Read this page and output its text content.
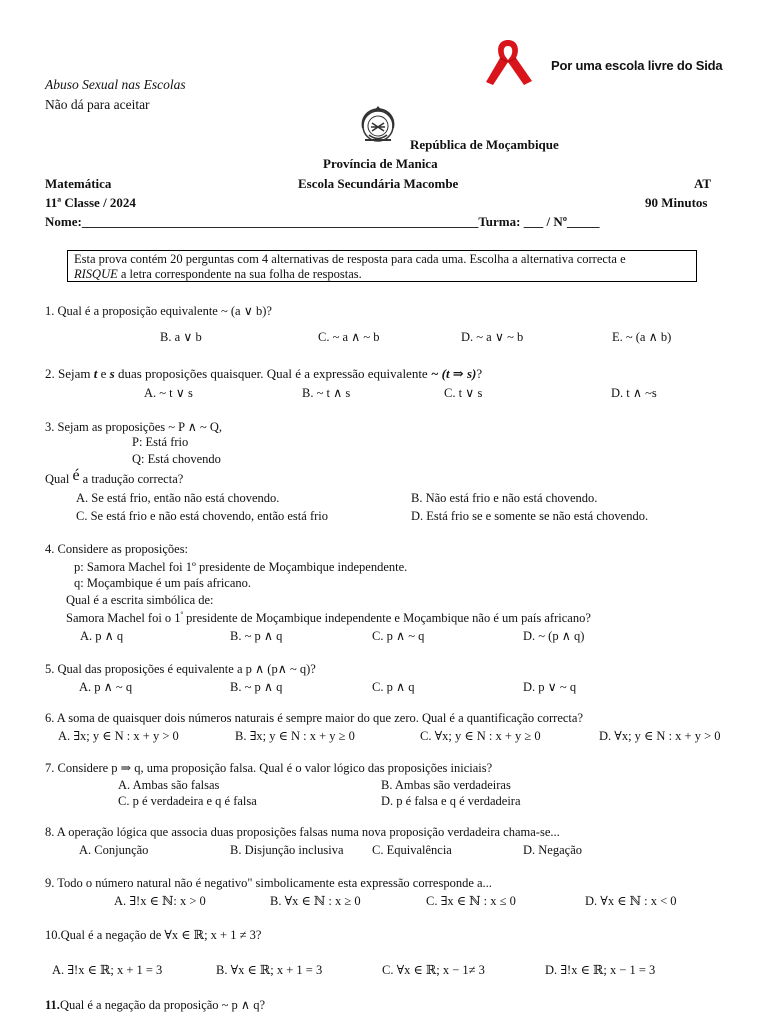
Por uma escola livre do Sida
Abuso Sexual nas Escolas
Não dá para aceitar
República de Moçambique
Província de Manica
Matemática	Escola Secundária Macombe	AT
11ª Classe / 2024	90 Minutos
Nome:_____________________________________________________________Turma: ___ / Nº_____
Esta prova contém 20 perguntas com 4 alternativas de resposta para cada uma. Escolha a alternativa correcta e
RISQUE a letra correspondente na sua folha de respostas.
1. Qual é a proposição equivalente ~ (a ∨ b)?
B. a ∨ b	C. ~ a ∧ ~ b	D. ~ a ∨ ~ b	E. ~ (a ∧ b)
2. Sejam t e s duas proposições quaisquer. Qual é a expressão equivalente ~ (t ⇒ s)?
A. ~ t ∨ s	B. ~ t ∧ s	C. t ∨ s	D. t ∧ ~s
3. Sejam as proposições ~ P ∧ ~ Q,
P: Está frio
Q: Está chovendo
Qual é a tradução correcta?
A. Se está frio, então não está chovendo.	B. Não está frio e não está chovendo.
C. Se está frio e não está chovendo, então está frio	D. Está frio se e somente se não está chovendo.
4. Considere as proposições:
p: Samora Machel foi 1º presidente de Moçambique independente.
q: Moçambique é um país africano.
Qual é a escrita simbólica de:
Samora Machel foi o $1^º$ presidente de Moçambique independente e Moçambique não é um país africano?
A. p ∧ q	B. ~ p ∧ q	C. p ∧ ~ q	D. ~ (p ∧ q)
5. Qual das proposições é equivalente a p ∧ (p∧ ~ q)?
A. p ∧ ~ q	B. ~ p ∧ q	C. p ∧ q	D. p ∨ ~ q
6. A soma de quaisquer dois números naturais é sempre maior do que zero. Qual é a quantificação correcta?
A. ∃x; y ∈ N : x + y > 0	B. ∃x; y ∈ N : x + y ≥ 0	C. ∀x; y ∈ N : x + y ≥ 0	D. ∀x; y ∈ N : x + y > 0
7. Considere p ⇒ q, uma proposição falsa. Qual é o valor lógico das proposições iniciais?
A. Ambas são falsas	B. Ambas são verdadeiras
C. p é verdadeira e q é falsa	D. p é falsa e q é verdadeira
8. A operação lógica que associa duas proposições falsas numa nova proposição verdadeira chama-se...
A. Conjunção	B. Disjunção inclusiva C. Equivalência	D. Negação
9. Todo o número natural não é negativo" simbolicamente esta expressão corresponde a...
A. ∃!x ∈ ℕ: x > 0	B. ∀x ∈ ℕ : x ≥ 0	C. ∃x ∈ ℕ : x ≤ 0	D. ∀x ∈ ℕ : x < 0
10.Qual é a negação de ∀x ∈ ℝ; x + 1 ≠ 3?
A. ∃!x ∈ ℝ; x + 1 = 3	B. ∀x ∈ ℝ; x + 1 = 3	C. ∀x ∈ ℝ; x − 1≠ 3	D. ∃!x ∈ ℝ; x − 1 = 3
11.Qual é a negação da proposição ~ p ∧ q?
